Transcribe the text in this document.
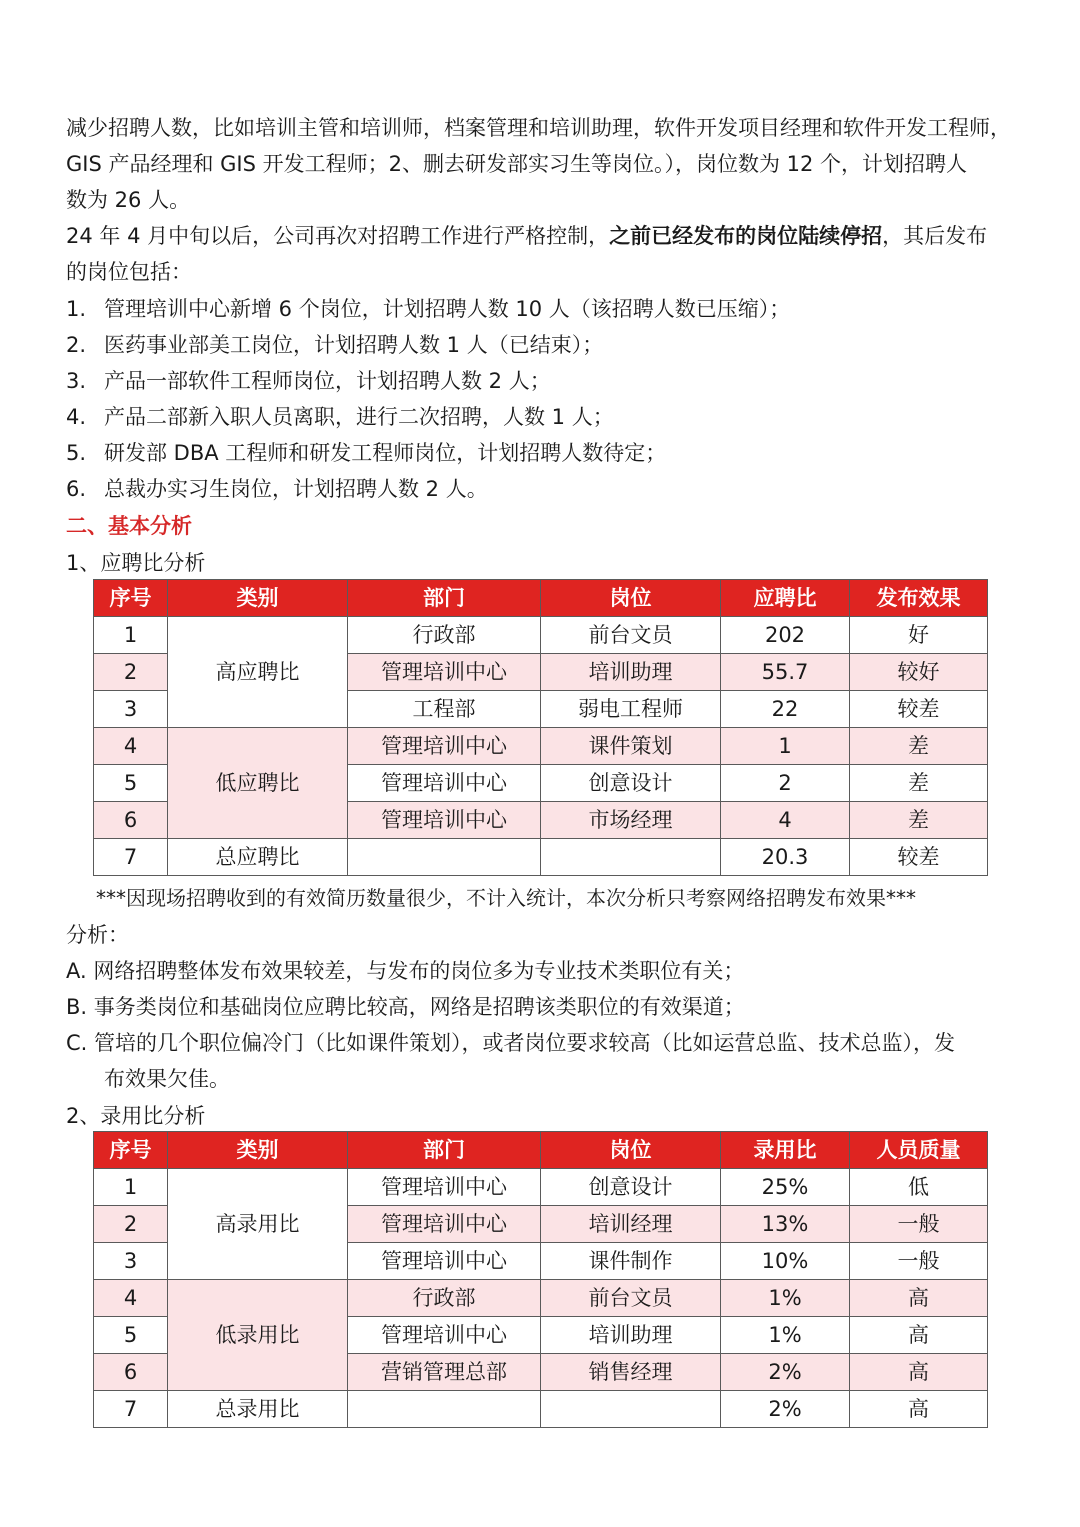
减少招聘人数，比如培训主管和培训师，档案管理和培训助理，软件开发项目经理和软件开发工程师，
GIS 产品经理和 GIS 开发工程师；2、删去研发部实习生等岗位。），岗位数为 12 个，计划招聘人
数为 26 人。
24 年 4 月中旬以后，公司再次对招聘工作进行严格控制，之前已经发布的岗位陆续停招，其后发布
的岗位包括：
1. 管理培训中心新增 6 个岗位，计划招聘人数 10 人（该招聘人数已压缩）；
2. 医药事业部美工岗位，计划招聘人数 1 人（已结束）；
3. 产品一部软件工程师岗位，计划招聘人数 2 人；
4. 产品二部新入职人员离职，进行二次招聘，人数 1 人；
5. 研发部 DBA 工程师和研发工程师岗位，计划招聘人数待定；
6. 总裁办实习生岗位，计划招聘人数 2 人。
二、基本分析
1、应聘比分析
序号	类别	部门	岗位	应聘比	发布效果
1	高应聘比	行政部	前台文员	202	好
2		管理培训中心	培训助理	55.7	较好
3		工程部	弱电工程师	22	较差
4	低应聘比	管理培训中心	课件策划	1	差
5		管理培训中心	创意设计	2	差
6		管理培训中心	市场经理	4	差
7	总应聘比			20.3	较差
***因现场招聘收到的有效简历数量很少，不计入统计，本次分析只考察网络招聘发布效果***
分析：
A. 网络招聘整体发布效果较差，与发布的岗位多为专业技术类职位有关；
B. 事务类岗位和基础岗位应聘比较高，网络是招聘该类职位的有效渠道；
C. 管培的几个职位偏冷门（比如课件策划），或者岗位要求较高（比如运营总监、技术总监），发
布效果欠佳。
2、录用比分析
序号	类别	部门	岗位	录用比	人员质量
1	高录用比	管理培训中心	创意设计	25%	低
2		管理培训中心	培训经理	13%	一般
3		管理培训中心	课件制作	10%	一般
4	低录用比	行政部	前台文员	1%	高
5		管理培训中心	培训助理	1%	高
6		营销管理总部	销售经理	2%	高
7	总录用比			2%	高
